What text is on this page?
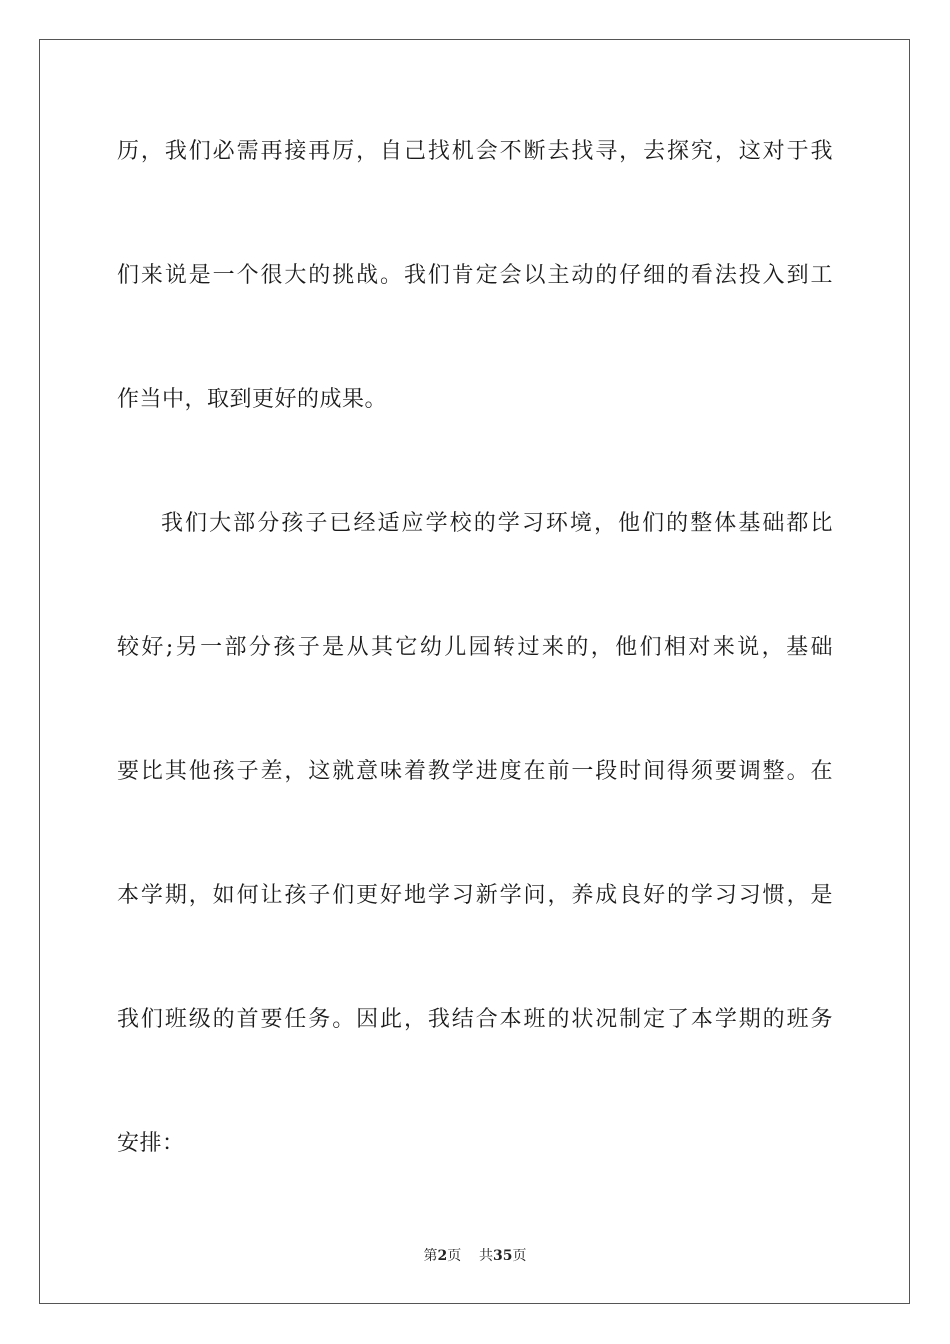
历，我们必需再接再厉，自己找机会不断去找寻，去探究，这对于我
们来说是一个很大的挑战。我们肯定会以主动的仔细的看法投入到工
作当中，取到更好的成果。
我们大部分孩子已经适应学校的学习环境，他们的整体基础都比
较好;另一部分孩子是从其它幼儿园转过来的，他们相对来说，基础
要比其他孩子差，这就意味着教学进度在前一段时间得须要调整。在
本学期，如何让孩子们更好地学习新学问，养成良好的学习习惯，是
我们班级的首要任务。因此，我结合本班的状况制定了本学期的班务
安排：
第2页 共35页
